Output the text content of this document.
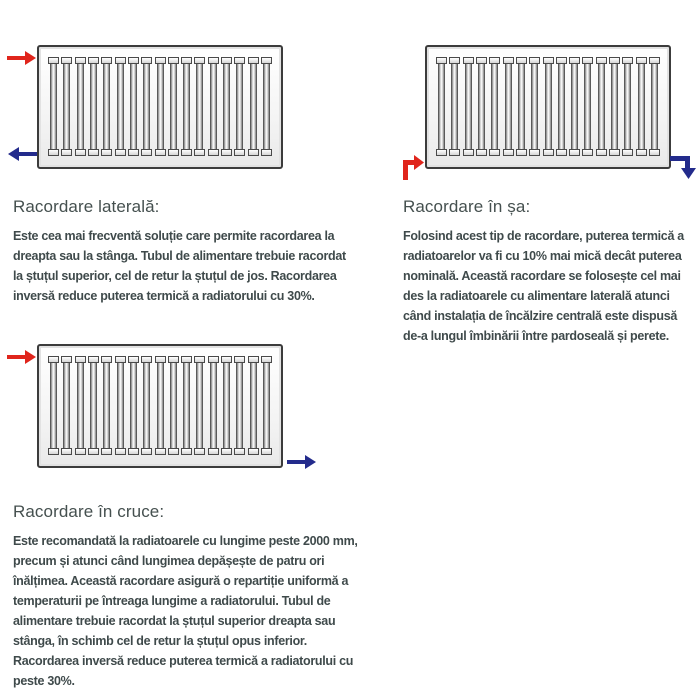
Racordare laterală:
Este cea mai frecventă soluție care permite racordarea la dreapta sau la stânga. Tubul de alimentare trebuie racordat la ștuțul superior, cel de retur la ștuțul de jos. Racordarea inversă reduce puterea termică a radiatorului cu 30%.
Racordare în șa:
Folosind acest tip de racordare, puterea termică a radiatoarelor va fi cu 10% mai mică decât puterea nominală. Această racordare se folosește cel mai des la radiatoarele cu alimentare laterală atunci când instalația de încălzire centrală este dispusă de-a lungul îmbinării între pardoseală și perete.
Racordare în cruce:
Este recomandată la radiatoarele cu lungime peste 2000 mm, precum și atunci când lungimea depășește de patru ori înălțimea. Această racordare asigură o repartiție uniformă a temperaturii pe întreaga lungime a radiatorului. Tubul de alimentare trebuie racordat la ștuțul superior dreapta sau stânga, în schimb cel de retur la ștuțul opus inferior. Racordarea inversă reduce puterea termică a radiatorului cu peste 30%.
